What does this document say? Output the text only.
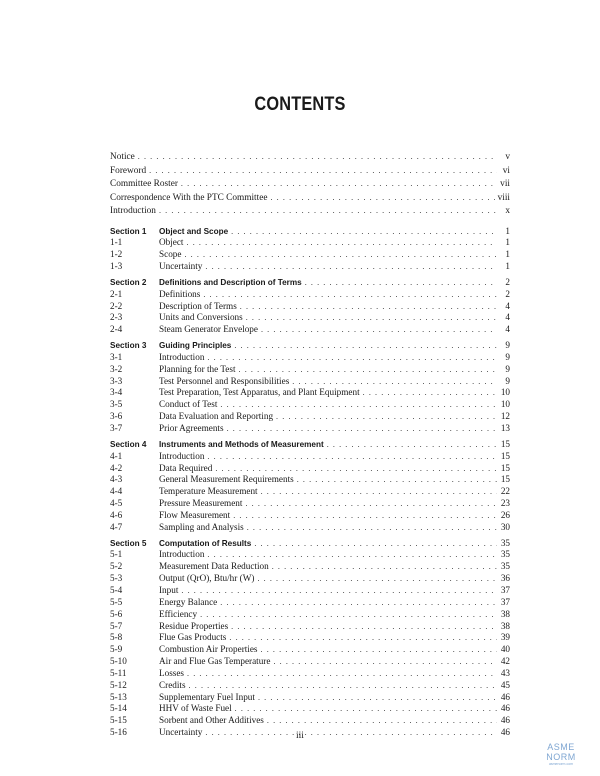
CONTENTS
Notice . . .	v
Foreword . . .	vi
Committee Roster . . .	vii
Correspondence With the PTC Committee . . .	viii
Introduction . . .	x
Section 1	Object and Scope . . .	1
1-1	Object . . .	1
1-2	Scope . . .	1
1-3	Uncertainty . . .	1
Section 2	Definitions and Description of Terms . . .	2
2-1	Definitions . . .	2
2-2	Description of Terms . . .	4
2-3	Units and Conversions . . .	4
2-4	Steam Generator Envelope . . .	4
Section 3	Guiding Principles . . .	9
3-1	Introduction . . .	9
3-2	Planning for the Test . . .	9
3-3	Test Personnel and Responsibilities . . .	9
3-4	Test Preparation, Test Apparatus, and Plant Equipment . . .	10
3-5	Conduct of Test . . .	10
3-6	Data Evaluation and Reporting . . .	12
3-7	Prior Agreements . . .	13
Section 4	Instruments and Methods of Measurement . . .	15
4-1	Introduction . . .	15
4-2	Data Required . . .	15
4-3	General Measurement Requirements . . .	15
4-4	Temperature Measurement . . .	22
4-5	Pressure Measurement . . .	23
4-6	Flow Measurement . . .	26
4-7	Sampling and Analysis . . .	30
Section 5	Computation of Results . . .	35
5-1	Introduction . . .	35
5-2	Measurement Data Reduction . . .	35
5-3	Output (QrO), Btu/hr (W) . . .	36
5-4	Input . . .	37
5-5	Energy Balance . . .	37
5-6	Efficiency . . .	38
5-7	Residue Properties . . .	38
5-8	Flue Gas Products . . .	39
5-9	Combustion Air Properties . . .	40
5-10	Air and Flue Gas Temperature . . .	42
5-11	Losses . . .	43
5-12	Credits . . .	45
5-13	Supplementary Fuel Input . . .	46
5-14	HHV of Waste Fuel . . .	46
5-15	Sorbent and Other Additives . . .	46
5-16	Uncertainty . . .	46
iii
ASME NORM
asmenorm.com
